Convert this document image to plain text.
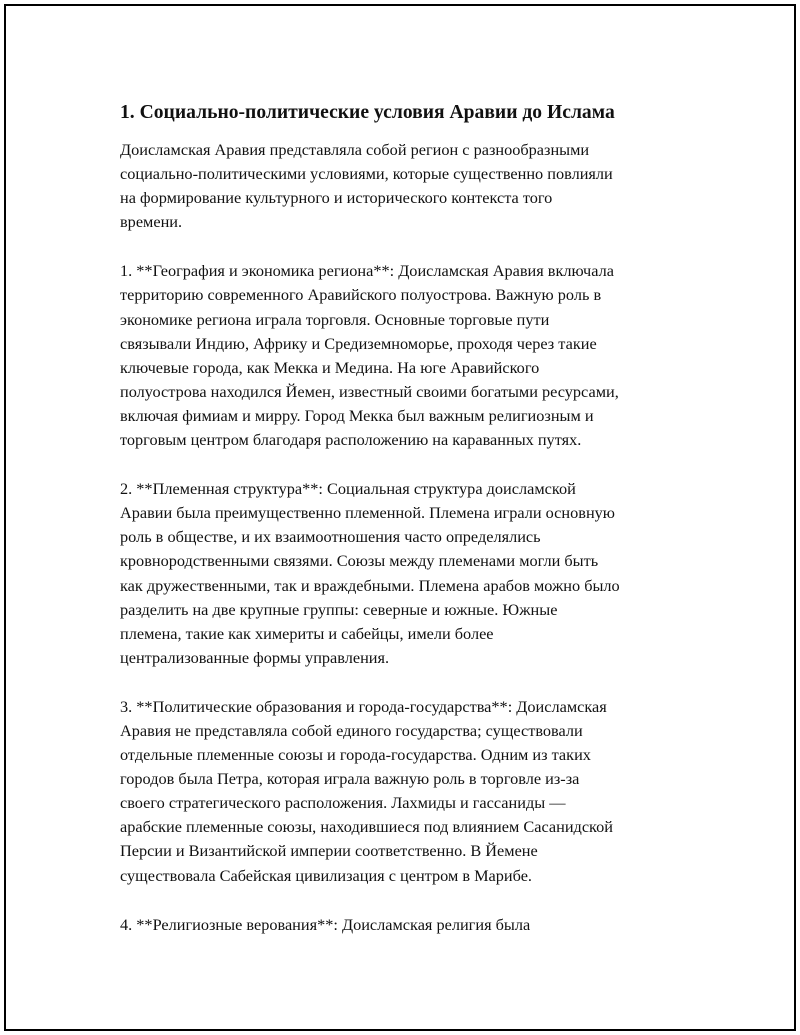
1. Социально-политические условия Аравии до Ислама

Доисламская Аравия представляла собой регион с разнообразными
социально-политическими условиями, которые существенно повлияли
на формирование культурного и исторического контекста того
времени.

1. **География и экономика региона**: Доисламская Аравия включала
территорию современного Аравийского полуострова. Важную роль в
экономике региона играла торговля. Основные торговые пути
связывали Индию, Африку и Средиземноморье, проходя через такие
ключевые города, как Мекка и Медина. На юге Аравийского
полуострова находился Йемен, известный своими богатыми ресурсами,
включая фимиам и мирру. Город Мекка был важным религиозным и
торговым центром благодаря расположению на караванных путях.

2. **Племенная структура**: Социальная структура доисламской
Аравии была преимущественно племенной. Племена играли основную
роль в обществе, и их взаимоотношения часто определялись
кровнородственными связями. Союзы между племенами могли быть
как дружественными, так и враждебными. Племена арабов можно было
разделить на две крупные группы: северные и южные. Южные
племена, такие как химериты и сабейцы, имели более
централизованные формы управления.

3. **Политические образования и города-государства**: Доисламская
Аравия не представляла собой единого государства; существовали
отдельные племенные союзы и города-государства. Одним из таких
городов была Петра, которая играла важную роль в торговле из-за
своего стратегического расположения. Лахмиды и гассаниды —
арабские племенные союзы, находившиеся под влиянием Сасанидской
Персии и Византийской империи соответственно. В Йемене
существовала Сабейская цивилизация с центром в Марибе.

4. **Религиозные верования**: Доисламская религия была
